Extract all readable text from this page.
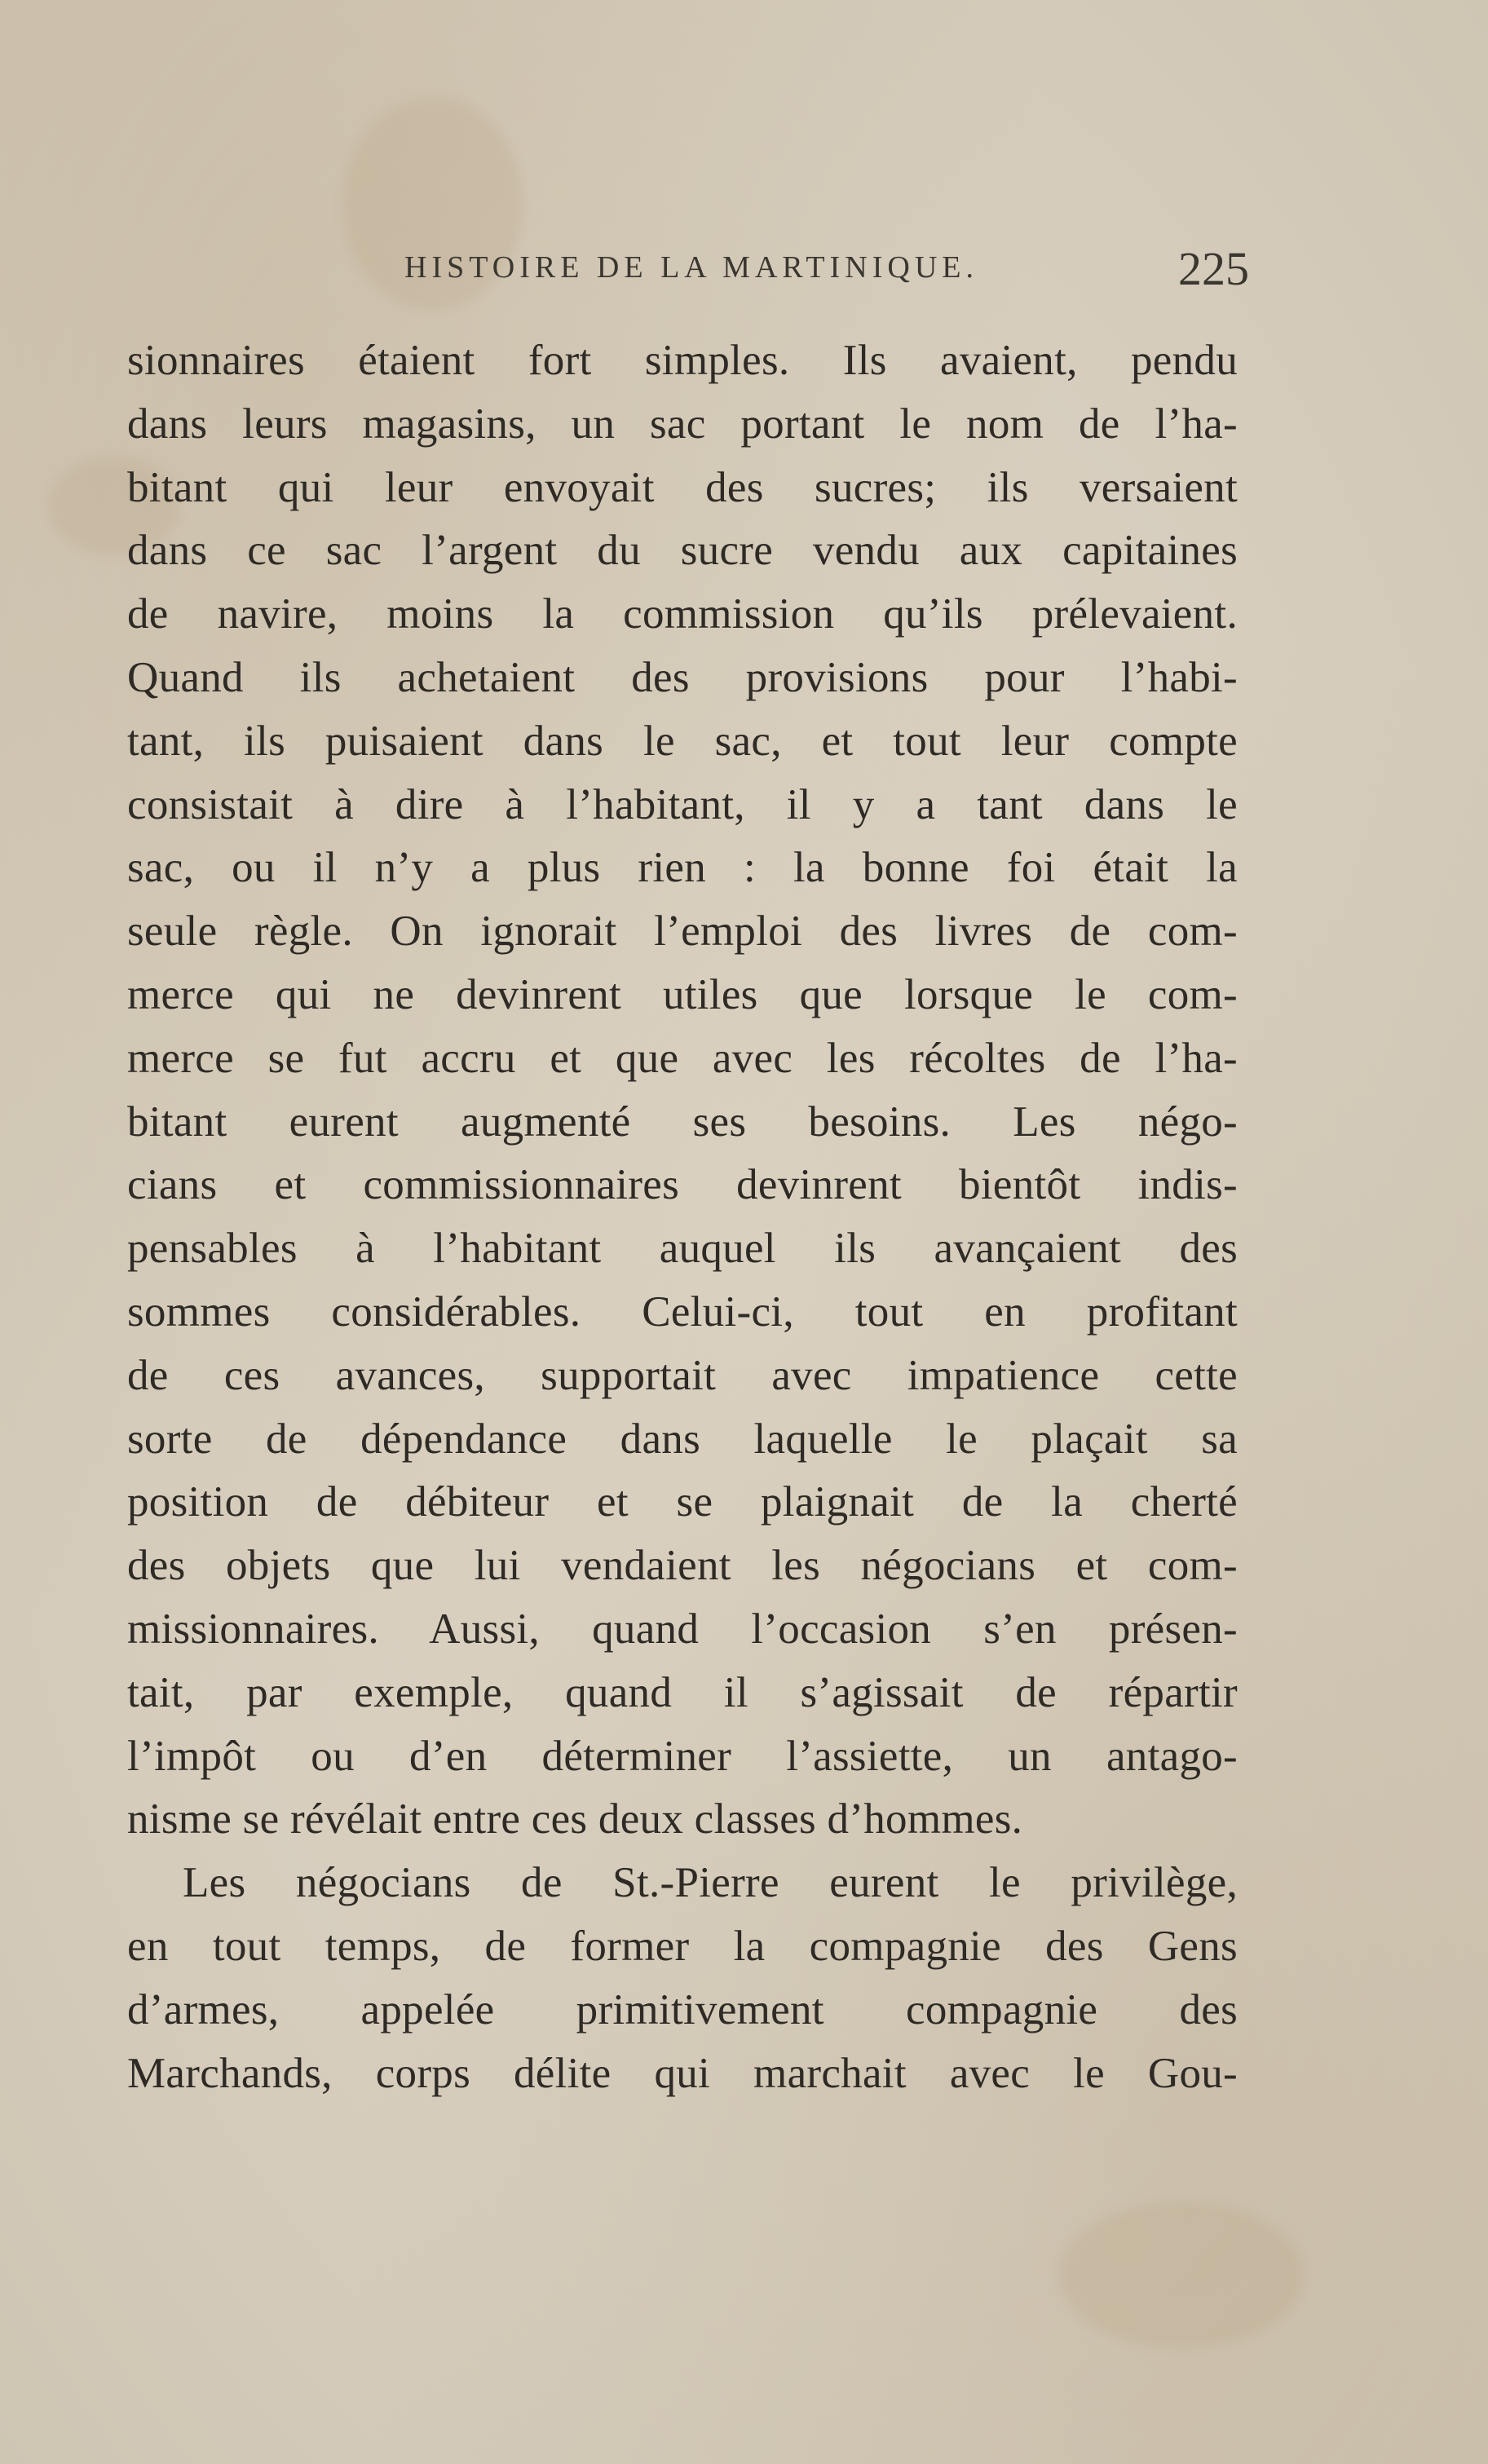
HISTOIRE DE LA MARTINIQUE.	225
sionnaires étaient fort simples. Ils avaient, pendu
dans leurs magasins, un sac portant le nom de l’ha-
bitant qui leur envoyait des sucres; ils versaient
dans ce sac l’argent du sucre vendu aux capitaines
de navire, moins la commission qu’ils prélevaient.
Quand ils achetaient des provisions pour l’habi-
tant, ils puisaient dans le sac, et tout leur compte
consistait à dire à l’habitant, il y a tant dans le
sac, ou il n’y a plus rien : la bonne foi était la
seule règle. On ignorait l’emploi des livres de com-
merce qui ne devinrent utiles que lorsque le com-
merce se fut accru et que avec les récoltes de l’ha-
bitant eurent augmenté ses besoins. Les négo-
cians et commissionnaires devinrent bientôt indis-
pensables à l’habitant auquel ils avançaient des
sommes considérables. Celui-ci, tout en profitant
de ces avances, supportait avec impatience cette
sorte de dépendance dans laquelle le plaçait sa
position de débiteur et se plaignait de la cherté
des objets que lui vendaient les négocians et com-
missionnaires. Aussi, quand l’occasion s’en présen-
tait, par exemple, quand il s’agissait de répartir
l’impôt ou d’en déterminer l’assiette, un antago-
nisme se révélait entre ces deux classes d’hommes.
Les négocians de St.-Pierre eurent le privilège,
en tout temps, de former la compagnie des Gens
d’armes, appelée primitivement compagnie des
Marchands, corps délite qui marchait avec le Gou-
